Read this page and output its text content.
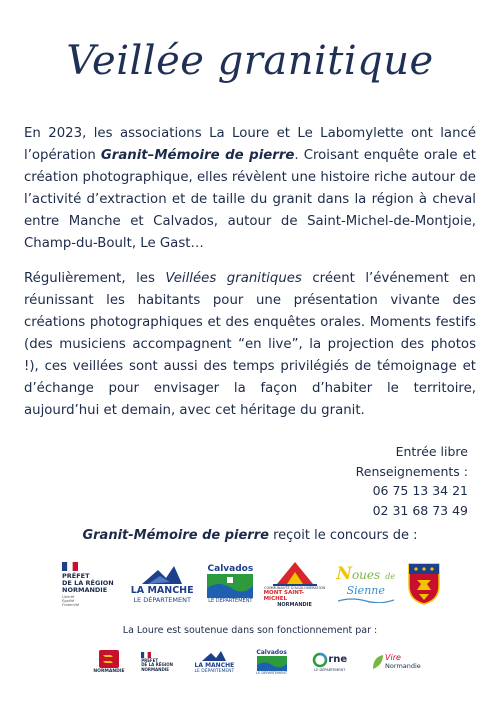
Veillée granitique
En 2023, les associations La Loure et Le Labomylette ont lancé l’opération Granit–Mémoire de pierre. Croisant enquête orale et création photographique, elles révèlent une histoire riche autour de l’activité d’extraction et de taille du granit dans la région à cheval entre Manche et Calvados, autour de Saint-Michel-de-Montjoie, Champ-du-Boult, Le Gast…
Régulièrement, les Veillées granitiques créent l’événement en réunissant les habitants pour une présentation vivante des créations photographiques et des enquêtes orales. Moments festifs (des musiciens accompagnent “en live”, la projection des photos !), ces veillées sont aussi des temps privilégiés de témoignage et d’échange pour envisager la façon d’habiter le territoire, aujourd’hui et demain, avec cet héritage du granit.
Entrée libre
Renseignements :
06 75 13 34 21
02 31 68 73 49
Granit-Mémoire de pierre reçoit le concours de :
PRÉFET
DE LA RÉGION
NORMANDIE
Liberté Égalité Fraternité
LA MANCHE
LE DÉPARTEMENT
Calvados
LE DÉPARTEMENT
COMMUNAUTÉ D'AGGLOMÉRATION
MONT SAINT-MICHEL
NORMANDIE
Noues de
Sienne
La Loure est soutenue dans son fonctionnement par :
NORMANDIE
PRÉFET
DE LA RÉGION
NORMANDIE
LA MANCHE
LE DÉPARTEMENT
Calvados
LE DÉPARTEMENT
rne
LE DÉPARTEMENT
Vire
Normandie
